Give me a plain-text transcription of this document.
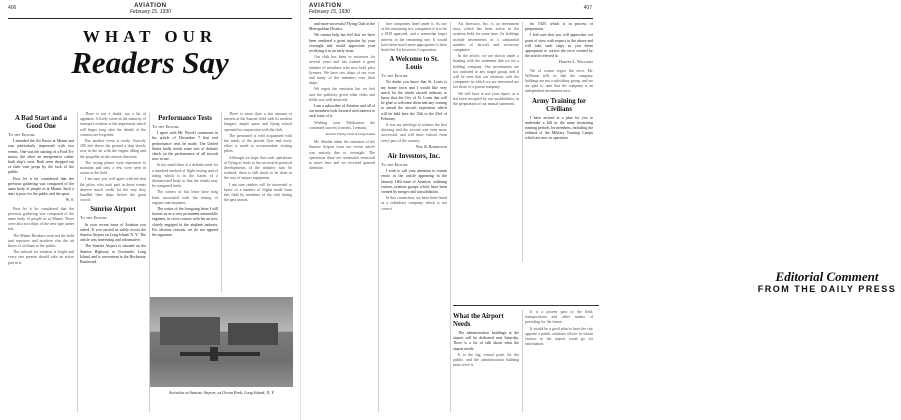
406	AVIATION
February 15, 1930
WHAT OUR
Readers Say
A Bad Start and a Good One
To the Editor:

I attended the Air Races at Miami and was particularly impressed with two events. One was the starting of a Ford Tri-motor, the other an inexpensive cabin-built ship's crew. Both were dropped out of their own props by the lack of the public.

First let it be considered that the previous gathering was composed of the same body of people as at Miami. Such a start is poor for the public and the sport.

W. S.

First let it be considered that the previous gathering was composed of the same body of people as at Miami. There were also two ships of the new type under test.

The Miami Breakers were not the field unit reporters and nowhere else the air liners of civilians in the public.

The outlook for aviation is bright and every one present should take an active part in it.

There is not a doubt, nor a bit of applause. A lively scene at the maturity of transport aviation is the impression which will linger long after the details of the contests are forgotten.

But another event is ready. Scarcely 200 feet above the ground a ship slowly rose in the air with the engine idling and the propeller in the reverse direction.

The racing planes were expensive to maintain and only a few were seen in action at the field.

I am sure you will agree with me that the pilots who took part in these events deserve much credit for the way they handled their ships before the great crowd.

Sunrise Airport
To the Editor:

In your recent issue of Aviation you stated, 'It you carried us safely across the Sunrise Airport on Long Island, N. Y.' The article was interesting and informative.

The Sunrise Airport is situated on the Sunrise Highway at Oceanside, Long Island, and is convenient to the Rockaway Boulevard.

Performance Tests
To the Editor:

I agree with Mr. Wood's comments in his article of December 7 that real performance tests be made. The United States badly needs some sort of definite check on the performance of all aircraft now in use.

In my mind there is a definite need for a standard method of flight testing and of rating which is in the hands of a disinterested body so that the results may be compared fairly.

The writers of this letter have long been associated with the testing of engines and airplanes.

The writer of the foregoing letter I still honors us as a very prominent automobile engineer, in close contact with his art now closely engaged in the airplane industry. For obvious reasons, we do not append his signature.

There is more than a fair amount of interest at the Sunrise field with its modern hangars, ample space and flying school operated in conjunction with the club.

The personnel is well acquainted with the needs of the private flyer and every effort is made to accommodate visiting pilots.

Although we hope that such operations of flying as leads to the successful practical developments of the industry may be realized, there is still much to be done in the way of airport equipment.

I am sure readers will be interested to know of a number of flights made from this field by members of the club during the past season.

Activities at Sunrise Airport, at Ocean Park, Long Island, N. Y.
AVIATION
February 15, 1930
407

and more successful Flying Club in the Metropolitan District.

We cannot help but feel that we have been rendered a great injustice by your oversight and would appreciate your rectifying it in an early issue.

Our club has been in existence for several years and has trained a great number of members who now hold pilot licenses. We have two ships of our own and many of the members own their ships.

We regret the omission but we feel sure the publicity given other clubs and fields was well deserved.

I am a subscriber of Aviation and all of our members look forward with interest to each issue of it.

Wishing your Publication the continued success it merits, I remain,

Sunrise Flying Club of Long Island

Mr. Shields taken the omission of the Sunrise Airport from our recent article was entirely due to oversight. The operations there are somewhat restricted to notes here and we received general attention.

fine companies lined under it. As one of the remaining two companies it is to be a 1929 approval, and a somewhat larger interest in the remaining one. It would have been much more appropriate to have listed the Air Investors Corporation.

A Welcome to St. Louis
To the Editor:

No doubt you know that St. Louis is my home town and I would like very much for the whole aircraft industry to know that the City of St. Louis that will be glad to welcome them and any coming to attend the aircraft exposition which will be held here the 15th to the 23rd of February.

It was my privilege to witness the first showing and the second was even more successful, and will draw visitors from every part of the country.

Wm. R. Robertson
Air Investors, Inc.
To the Editor:

I wish to call your attention to certain errors in the article appearing in the January 18th issue of Aviation, outlining various aviation groups which have been created by merger and consolidation.

In this connection, we have been listed as a subsidiary company, which is not correct.

Air Investors, Inc. is an investment trust, which has been active in the aviation field for some time. Its holdings include investments in a substantial number of aircraft and accessory companies.

In the article, we are shown under a heading with the statement that we are a holding company. Our investments are not confined to any single group, and it will be seen that our relations with the companies in which we are interested are not those of a parent company.

We will have to use your report, as it has been accepted by our stockholders, in the preparation of our annual statement.

for 1929, which is in process of preparation.

I feel sure that you will appreciate our point of view with respect to the above and will take such steps as you deem appropriate to correct the error created by the article referred to.

Harvey L. Williams

We of course regret the error. Mr. Williams tells us that the company holdings are not a subsidiary group, and we are glad to state that the company is an independent investment trust.

Army Training for Civilians

I have arrived at a plan for you to undertake a bill in the army instituting training periods for members, including the enlisted of the Military Training Camps which are now in operation.

Editorial Comment
FROM THE DAILY PRESS
What the Airport Needs

The administration buildings at the airport will be dedicated next Saturday. There is a lot of talk about what the airport needs.

It is the big central point for the public, and the administration building must serve it.

It is a proven pass to the field, transportation and other means of providing for the future.

It would be a good plan to have the city appoint a public relations officer to whom visitors to the airport could go for information.
